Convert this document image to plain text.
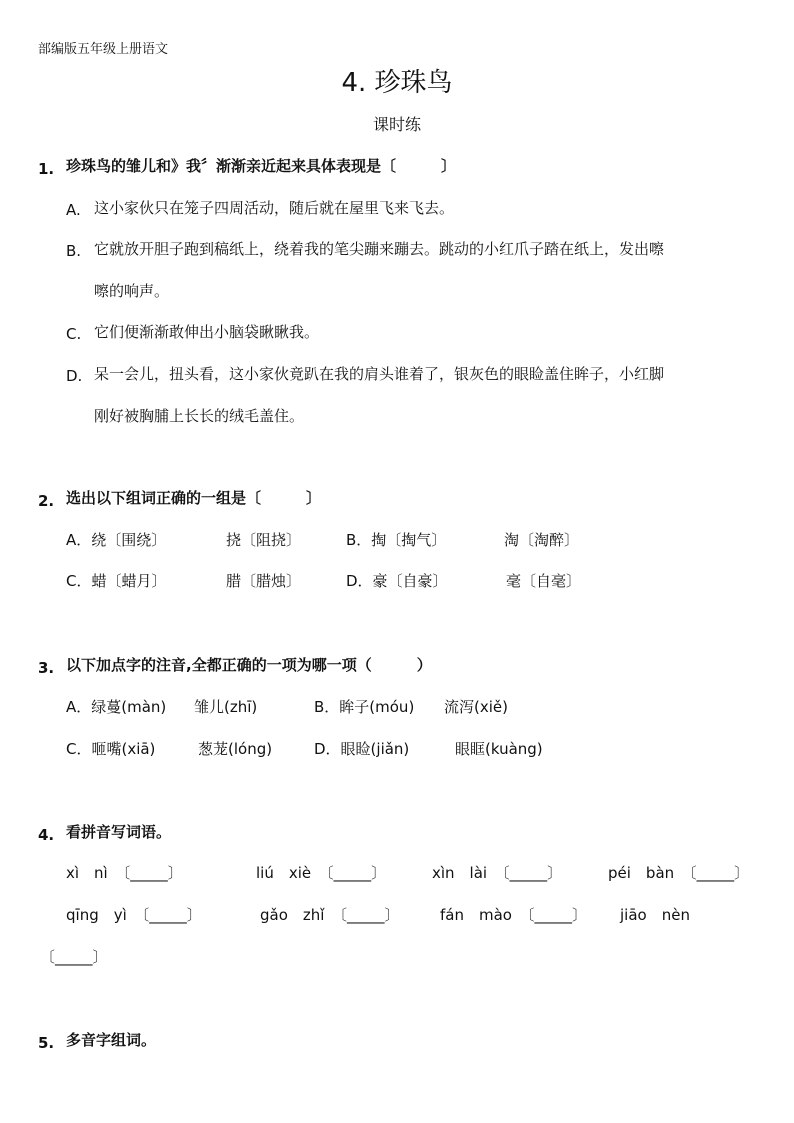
部编版五年级上册语文
4. 珍珠鸟
课时练
1. 珍珠鸟的雏儿和》我〞渐渐亲近起来具体表现是〔　　　〕
A. 这小家伙只在笼子四周活动，随后就在屋里飞来飞去。
B. 它就放开胆子跑到稿纸上，绕着我的笔尖蹦来蹦去。跳动的小红爪子踏在纸上，发出嚓
嚓的响声。
C. 它们便渐渐敢伸出小脑袋瞅瞅我。
D. 呆一会儿，扭头看，这小家伙竟趴在我的肩头谁着了，银灰色的眼睑盖住眸子，小红脚
刚好被胸脯上长长的绒毛盖住。
2. 选出以下组词正确的一组是〔　　　〕
A．绕〔围绕〕	挠〔阻挠〕	B．掏〔掏气〕	淘〔淘醉〕
C．蜡〔蜡月〕	腊〔腊烛〕	D．豪〔自豪〕	毫〔自毫〕
3. 以下加点字的注音,全都正确的一项为哪一项（　　　）
A．绿蔓(màn) 雏儿(zhī)	B．眸子(móu) 流泻(xiě)
C．咂嘴(xiā)	葱茏(lóng)	D．眼睑(jiǎn)	眼眶(kuàng)
4. 看拼音写词语。
xì　nì　〔_____〕	liú　xiè　〔_____〕	xìn　lài　〔_____〕	péi　bàn　〔_____〕
qīng　yì　〔_____〕	gǎo　zhǐ　〔_____〕	fán　mào　〔_____〕 jiāo　nèn
〔_____〕
5. 多音字组词。
